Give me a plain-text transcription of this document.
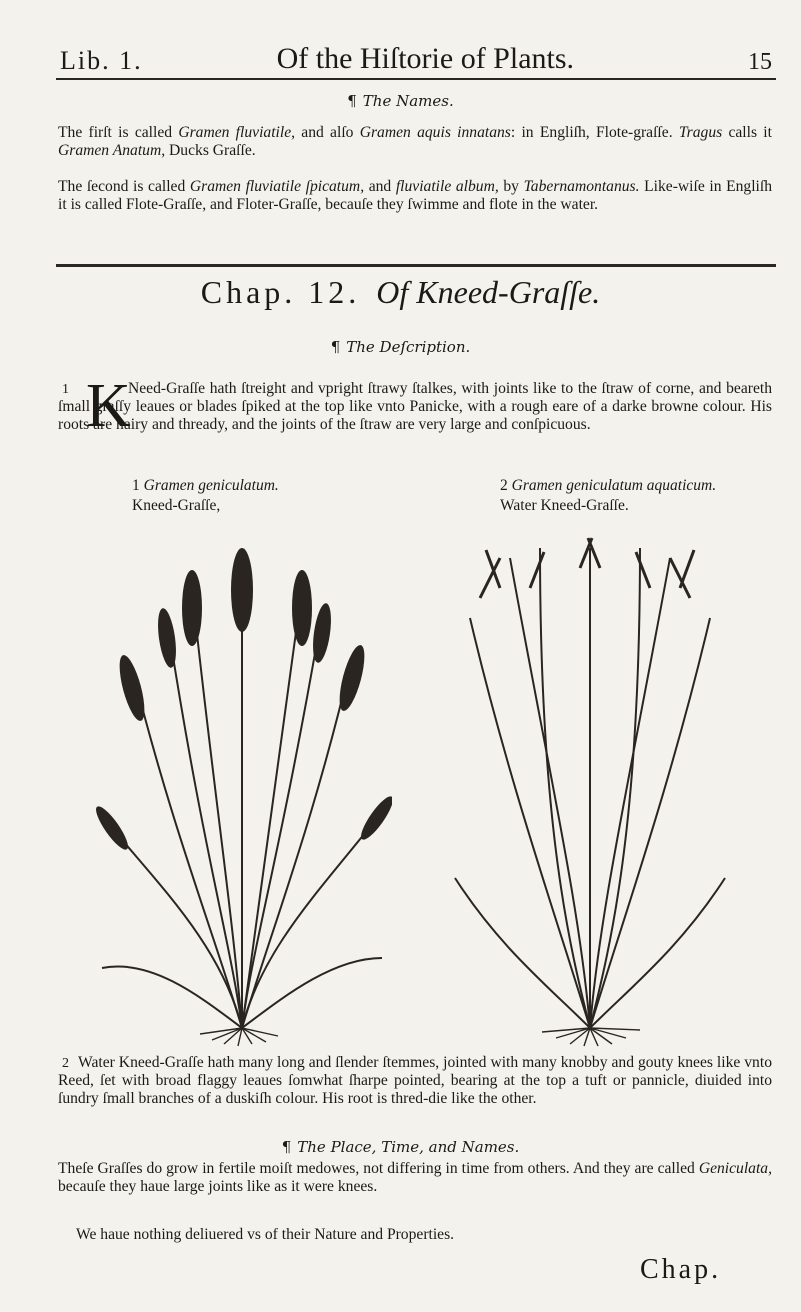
Lib. 1.	Of the Hiſtorie of Plants.	15
¶ The Names.
The firſt is called Gramen fluviatile, and alſo Gramen aquis innatans: in Engliſh, Flote-graſſe. Tragus calls it Gramen Anatum, Ducks Graſſe.
The ſecond is called Gramen fluviatile ſpicatum, and fluviatile album, by Tabernamontanus. Like-wiſe in Engliſh it is called Flote-Graſſe, and Floter-Graſſe, becauſe they ſwimme and flote in the water.
Chap. 12. Of Kneed-Graſſe.
¶ The Deſcription.
1 K
Need-Graſſe hath ſtreight and vpright ſtrawy ſtalkes, with joints like to the ſtraw of corne, and beareth ſmall graſſy leaues or blades ſpiked at the top like vnto Panicke, with a rough eare of a darke browne colour. His roots are hairy and thready, and the joints of the ſtraw are very large and conſpicuous.
1 Gramen geniculatum.
Kneed-Graſſe,
2 Gramen geniculatum aquaticum.
Water Kneed-Graſſe.
2 Water Kneed-Graſſe hath many long and ſlender ſtemmes, jointed with many knobby and gouty knees like vnto Reed, ſet with broad flaggy leaues ſomwhat ſharpe pointed, bearing at the top a tuft or pannicle, diuided into ſundry ſmall branches of a duskiſh colour. His root is thred-die like the other.
¶ The Place, Time, and Names.
Theſe Graſſes do grow in fertile moiſt medowes, not differing in time from others. And they are called Geniculata, becauſe they haue large joints like as it were knees.
We haue nothing deliuered vs of their Nature and Properties.
Chap.
